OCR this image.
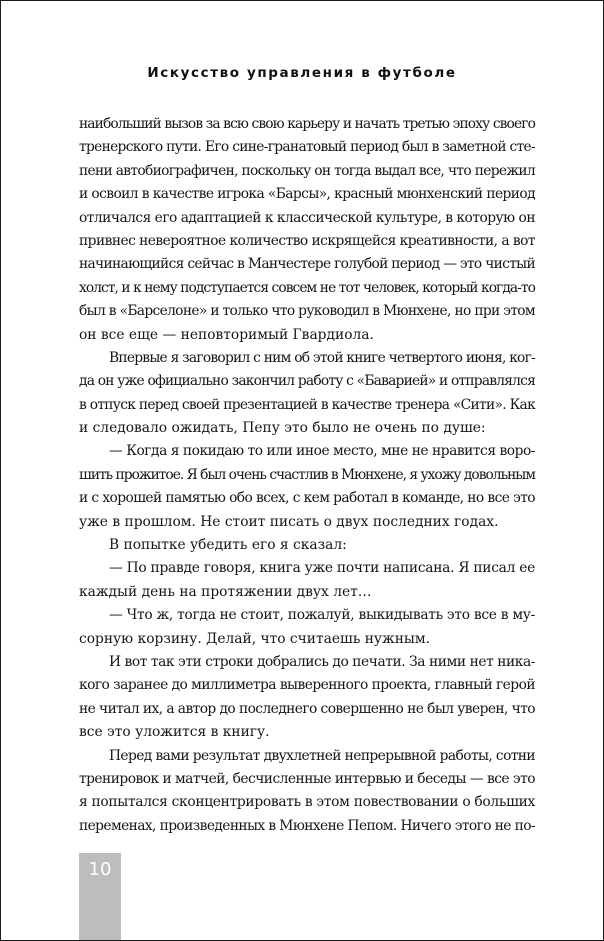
Искусство управления в футболе
наибольший вызов за всю свою карьеру и начать третью эпоху своего
тренерского пути. Его сине-гранатовый период был в заметной сте-
пени автобиографичен, поскольку он тогда выдал все, что пережил
и освоил в качестве игрока «Барсы», красный мюнхенский период
отличался его адаптацией к классической культуре, в которую он
привнес невероятное количество искрящейся креативности, а вот
начинающийся сейчас в Манчестере голубой период — это чистый
холст, и к нему подступается совсем не тот человек, который когда-то
был в «Барселоне» и только что руководил в Мюнхене, но при этом
он все еще — неповторимый Гвардиола.
Впервые я заговорил с ним об этой книге четвертого июня, ког-
да он уже официально закончил работу с «Баварией» и отправлялся
в отпуск перед своей презентацией в качестве тренера «Сити». Как
и следовало ожидать, Пепу это было не очень по душе:
— Когда я покидаю то или иное место, мне не нравится воро-
шить прожитое. Я был очень счастлив в Мюнхене, я ухожу довольным
и с хорошей памятью обо всех, с кем работал в команде, но все это
уже в прошлом. Не стоит писать о двух последних годах.
В попытке убедить его я сказал:
— По правде говоря, книга уже почти написана. Я писал ее
каждый день на протяжении двух лет…
— Что ж, тогда не стоит, пожалуй, выкидывать это все в му-
сорную корзину. Делай, что считаешь нужным.
И вот так эти строки добрались до печати. За ними нет ника-
кого заранее до миллиметра выверенного проекта, главный герой
не читал их, а автор до последнего совершенно не был уверен, что
все это уложится в книгу.
Перед вами результат двухлетней непрерывной работы, сотни
тренировок и матчей, бесчисленные интервью и беседы — все это
я попытался сконцентрировать в этом повествовании о больших
переменах, произведенных в Мюнхене Пепом. Ничего этого не по-
10
